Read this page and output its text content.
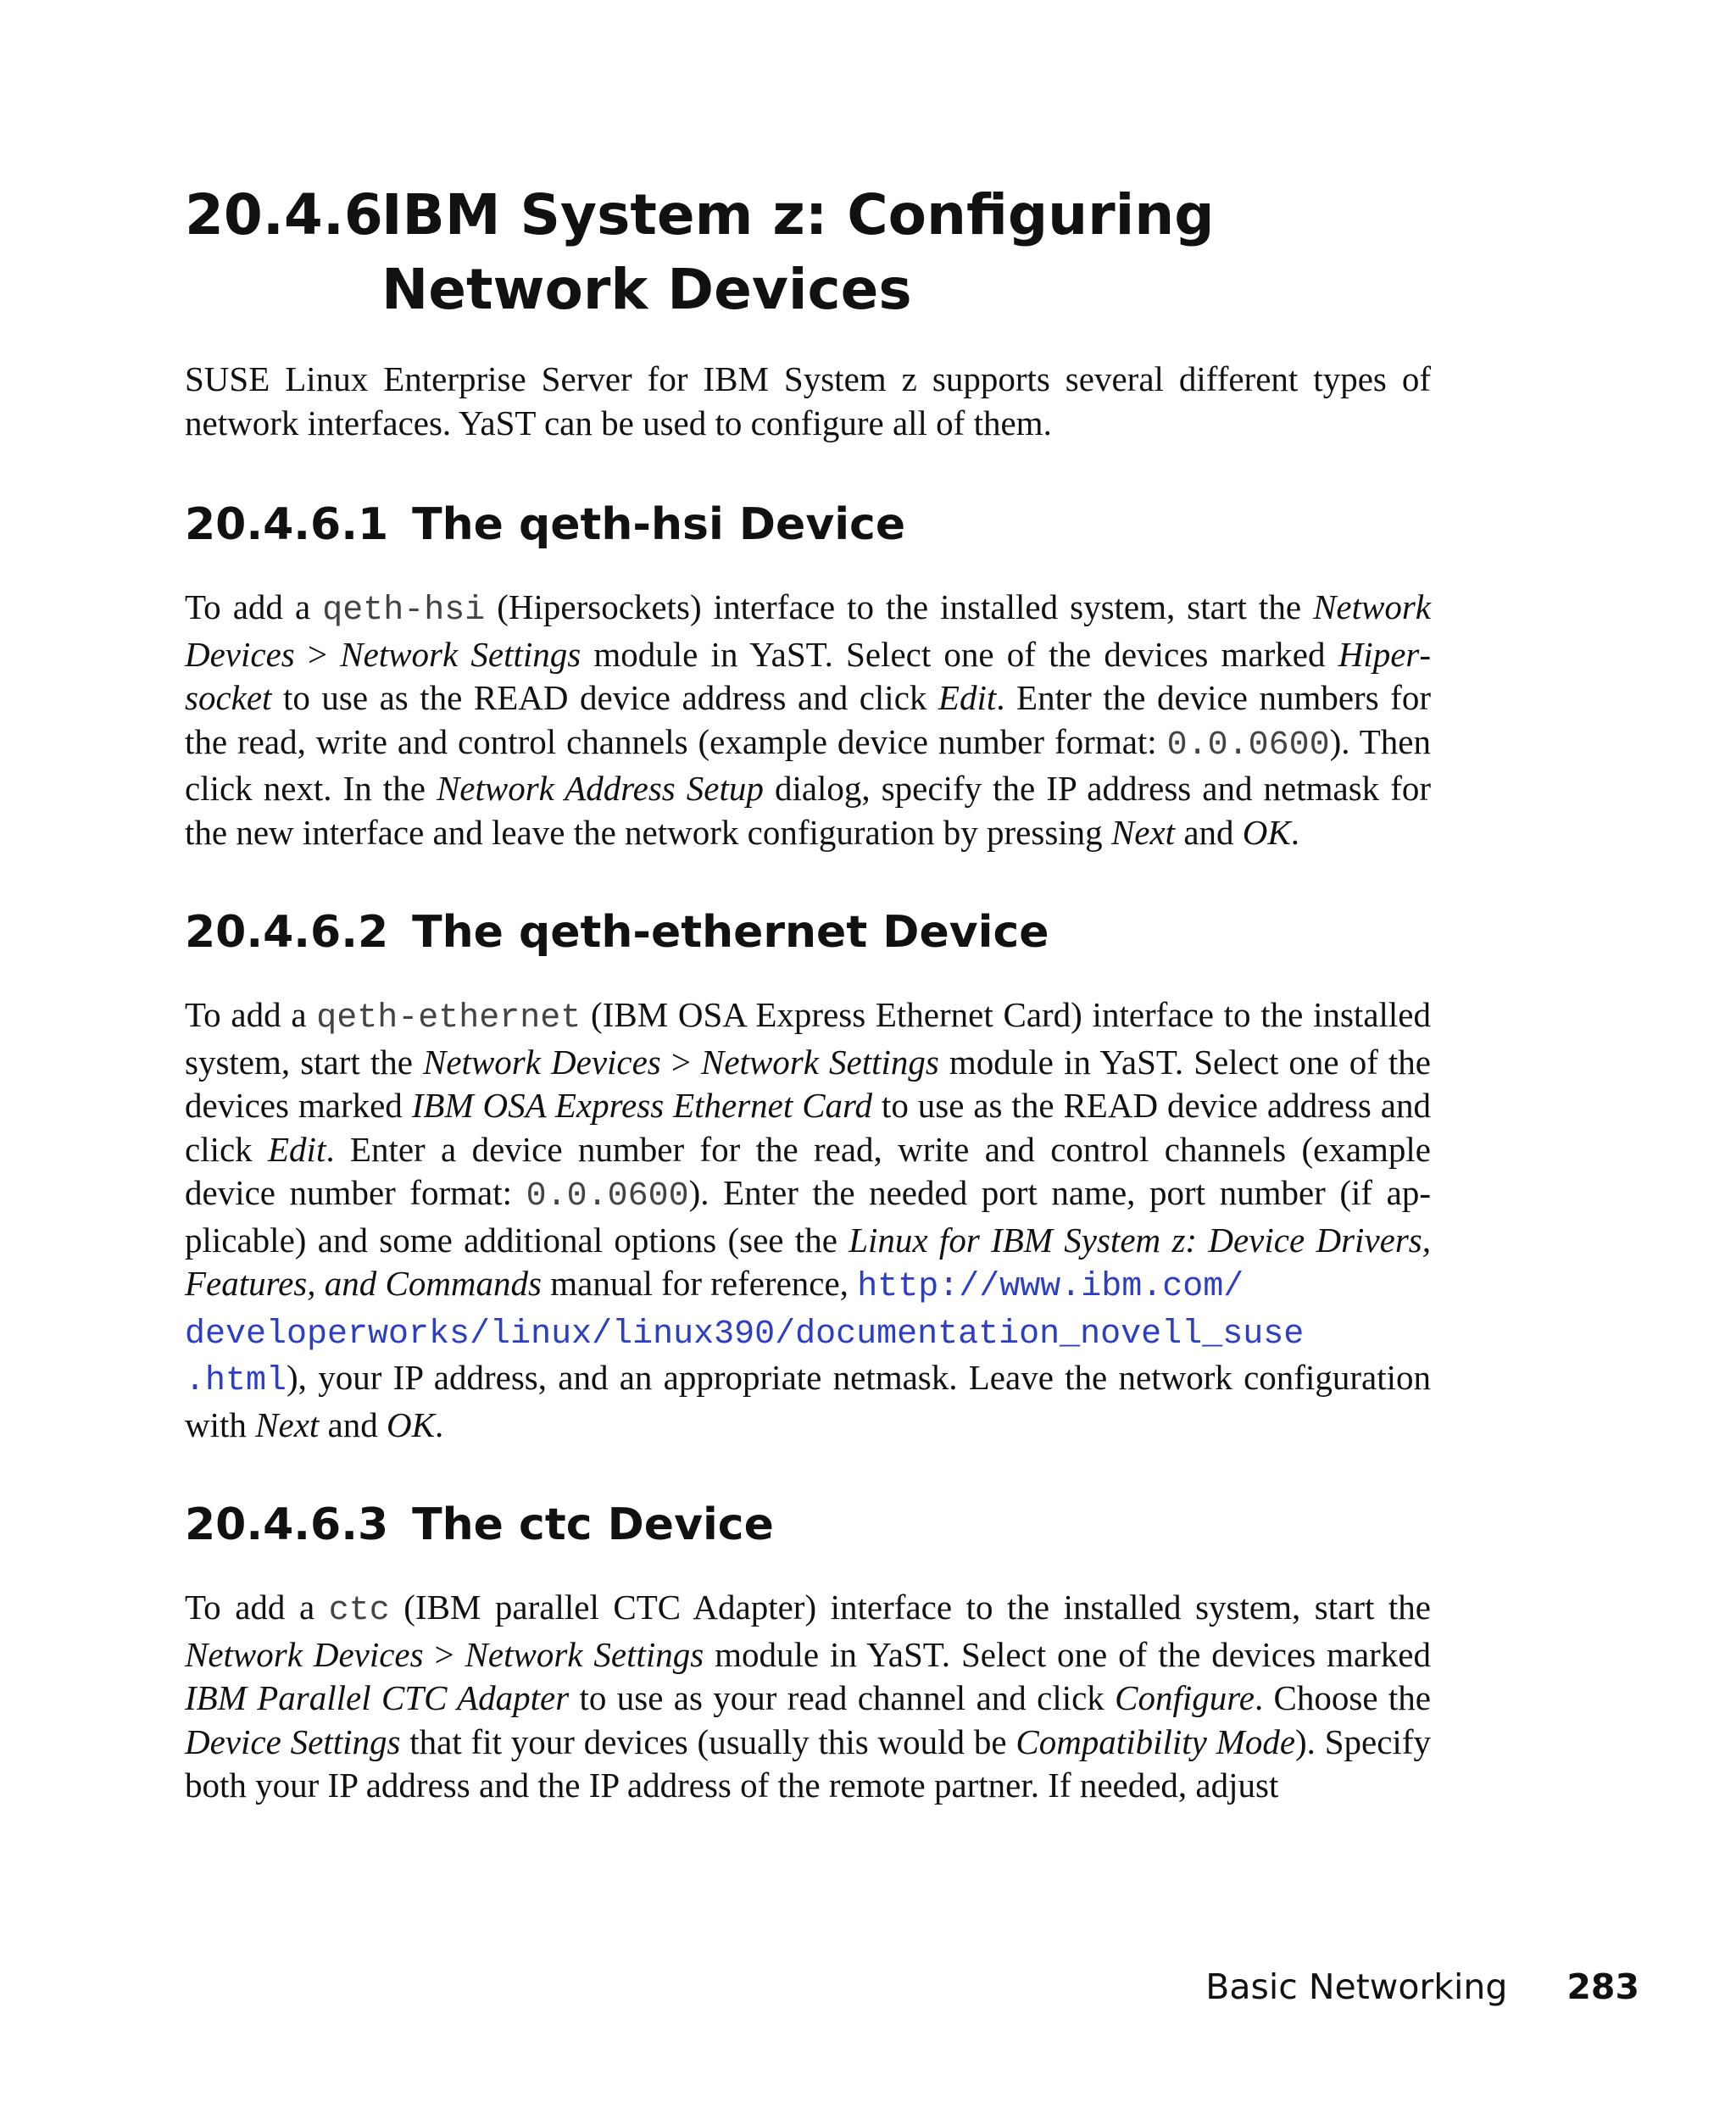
20.4.6
IBM System z: Configuring Network Devices

SUSE Linux Enterprise Server for IBM System z supports several different types of network interfaces. YaST can be used to configure all of them.

20.4.6.1 The qeth-hsi Device

To add a qeth-hsi (Hipersockets) interface to the installed system, start the Network Devices > Network Settings module in YaST. Select one of the devices marked Hipersocket to use as the READ device address and click Edit. Enter the device numbers for the read, write and control channels (example device number format: 0.0.0600). Then click next. In the Network Address Setup dialog, specify the IP address and netmask for the new interface and leave the network configuration by pressing Next and OK.

20.4.6.2 The qeth-ethernet Device

To add a qeth-ethernet (IBM OSA Express Ethernet Card) interface to the installed system, start the Network Devices > Network Settings module in YaST. Select one of the devices marked IBM OSA Express Ethernet Card to use as the READ device address and click Edit. Enter a device number for the read, write and control channels (example device number format: 0.0.0600). Enter the needed port name, port number (if applicable) and some additional options (see the Linux for IBM System z: Device Drivers, Features, and Commands manual for reference, http://www.ibm.com/
developerworks/linux/linux390/documentation_novell_suse
.html), your IP address, and an appropriate netmask. Leave the network configuration with Next and OK.

20.4.6.3 The ctc Device

To add a ctc (IBM parallel CTC Adapter) interface to the installed system, start the Network Devices > Network Settings module in YaST. Select one of the devices marked IBM Parallel CTC Adapter to use as your read channel and click Configure. Choose the Device Settings that fit your devices (usually this would be Compatibility Mode). Specify both your IP address and the IP address of the remote partner. If needed, adjust

Basic Networking 283
